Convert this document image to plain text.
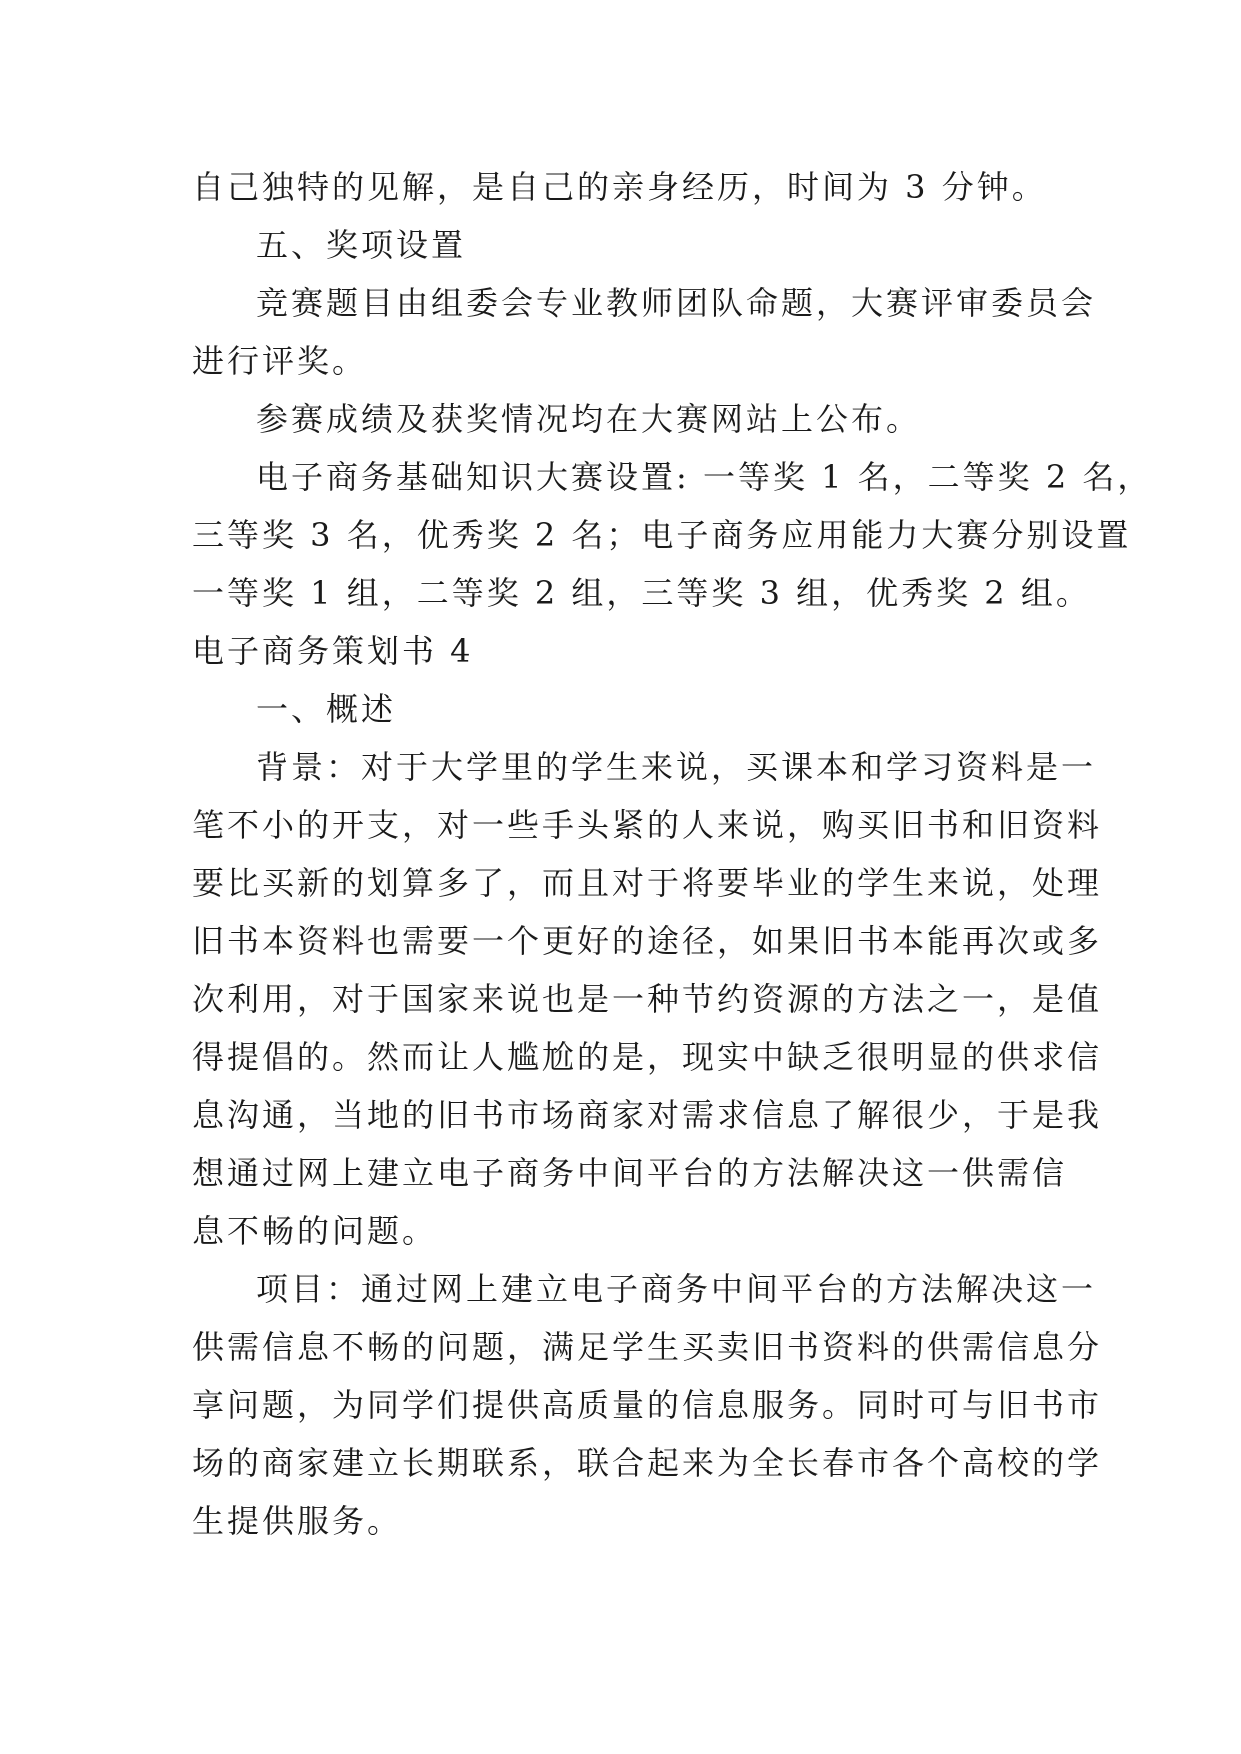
自己独特的见解，是自己的亲身经历，时间为 3 分钟。
五、奖项设置
竞赛题目由组委会专业教师团队命题，大赛评审委员会
进行评奖。
参赛成绩及获奖情况均在大赛网站上公布。
电子商务基础知识大赛设置: 一等奖 1 名，二等奖 2 名，
三等奖 3 名，优秀奖 2 名；电子商务应用能力大赛分别设置
一等奖 1 组，二等奖 2 组，三等奖 3 组，优秀奖 2 组。
电子商务策划书 4
一、概述
背景：对于大学里的学生来说，买课本和学习资料是一
笔不小的开支，对一些手头紧的人来说，购买旧书和旧资料
要比买新的划算多了，而且对于将要毕业的学生来说，处理
旧书本资料也需要一个更好的途径，如果旧书本能再次或多
次利用，对于国家来说也是一种节约资源的方法之一，是值
得提倡的。然而让人尴尬的是，现实中缺乏很明显的供求信
息沟通，当地的旧书市场商家对需求信息了解很少，于是我
想通过网上建立电子商务中间平台的方法解决这一供需信
息不畅的问题。
项目：通过网上建立电子商务中间平台的方法解决这一
供需信息不畅的问题，满足学生买卖旧书资料的供需信息分
享问题，为同学们提供高质量的信息服务。同时可与旧书市
场的商家建立长期联系，联合起来为全长春市各个高校的学
生提供服务。
